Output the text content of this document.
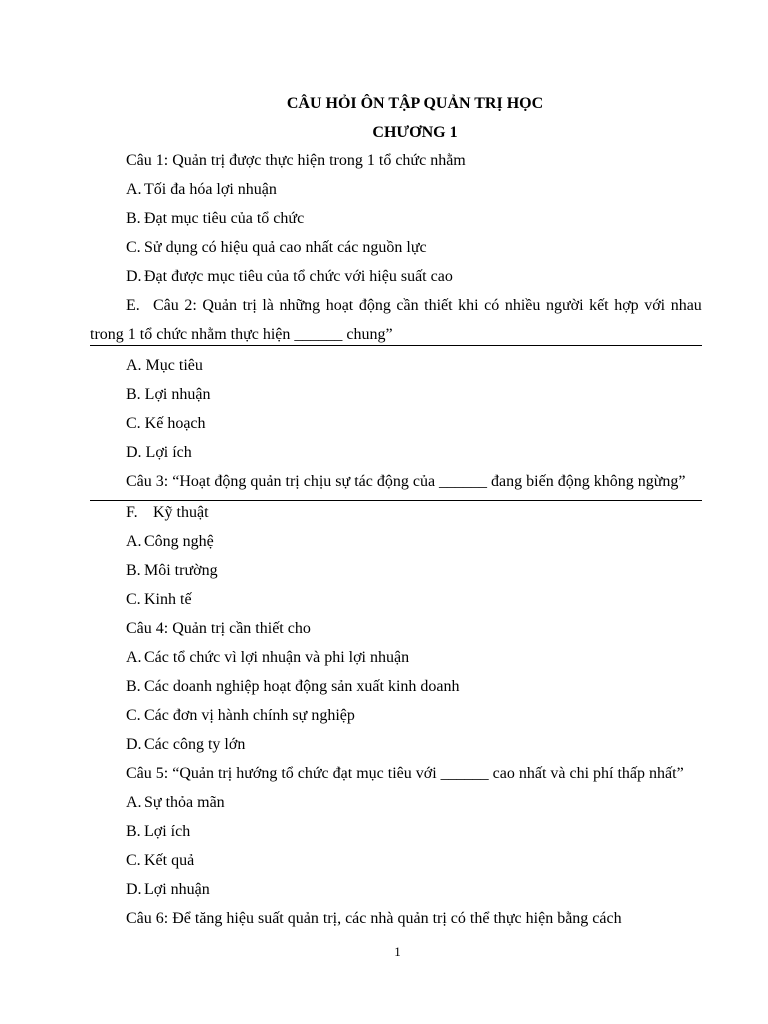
CÂU HỎI ÔN TẬP QUẢN TRỊ HỌC
CHƯƠNG 1
Câu 1: Quản trị được thực hiện trong 1 tổ chức nhằm
A. Tối đa hóa lợi nhuận
B. Đạt mục tiêu của tổ chức
C. Sử dụng có hiệu quả cao nhất các nguồn lực
D. Đạt được mục tiêu của tổ chức với hiệu suất cao
E. Câu 2: Quản trị là những hoạt động cần thiết khi có nhiều người kết hợp với nhau
trong 1 tổ chức nhằm thực hiện ______ chung”
A. Mục tiêu
B. Lợi nhuận
C. Kế hoạch
D. Lợi ích
Câu 3: “Hoạt động quản trị chịu sự tác động của ______ đang biến động không ngừng”
F. Kỹ thuật
A. Công nghệ
B. Môi trường
C. Kinh tế
Câu 4: Quản trị cần thiết cho
A. Các tổ chức vì lợi nhuận và phi lợi nhuận
B. Các doanh nghiệp hoạt động sản xuất kinh doanh
C. Các đơn vị hành chính sự nghiệp
D. Các công ty lớn
Câu 5: “Quản trị hướng tổ chức đạt mục tiêu với ______ cao nhất và chi phí thấp nhất”
A. Sự thỏa mãn
B. Lợi ích
C. Kết quả
D. Lợi nhuận
Câu 6: Để tăng hiệu suất quản trị, các nhà quản trị có thể thực hiện bằng cách
1
